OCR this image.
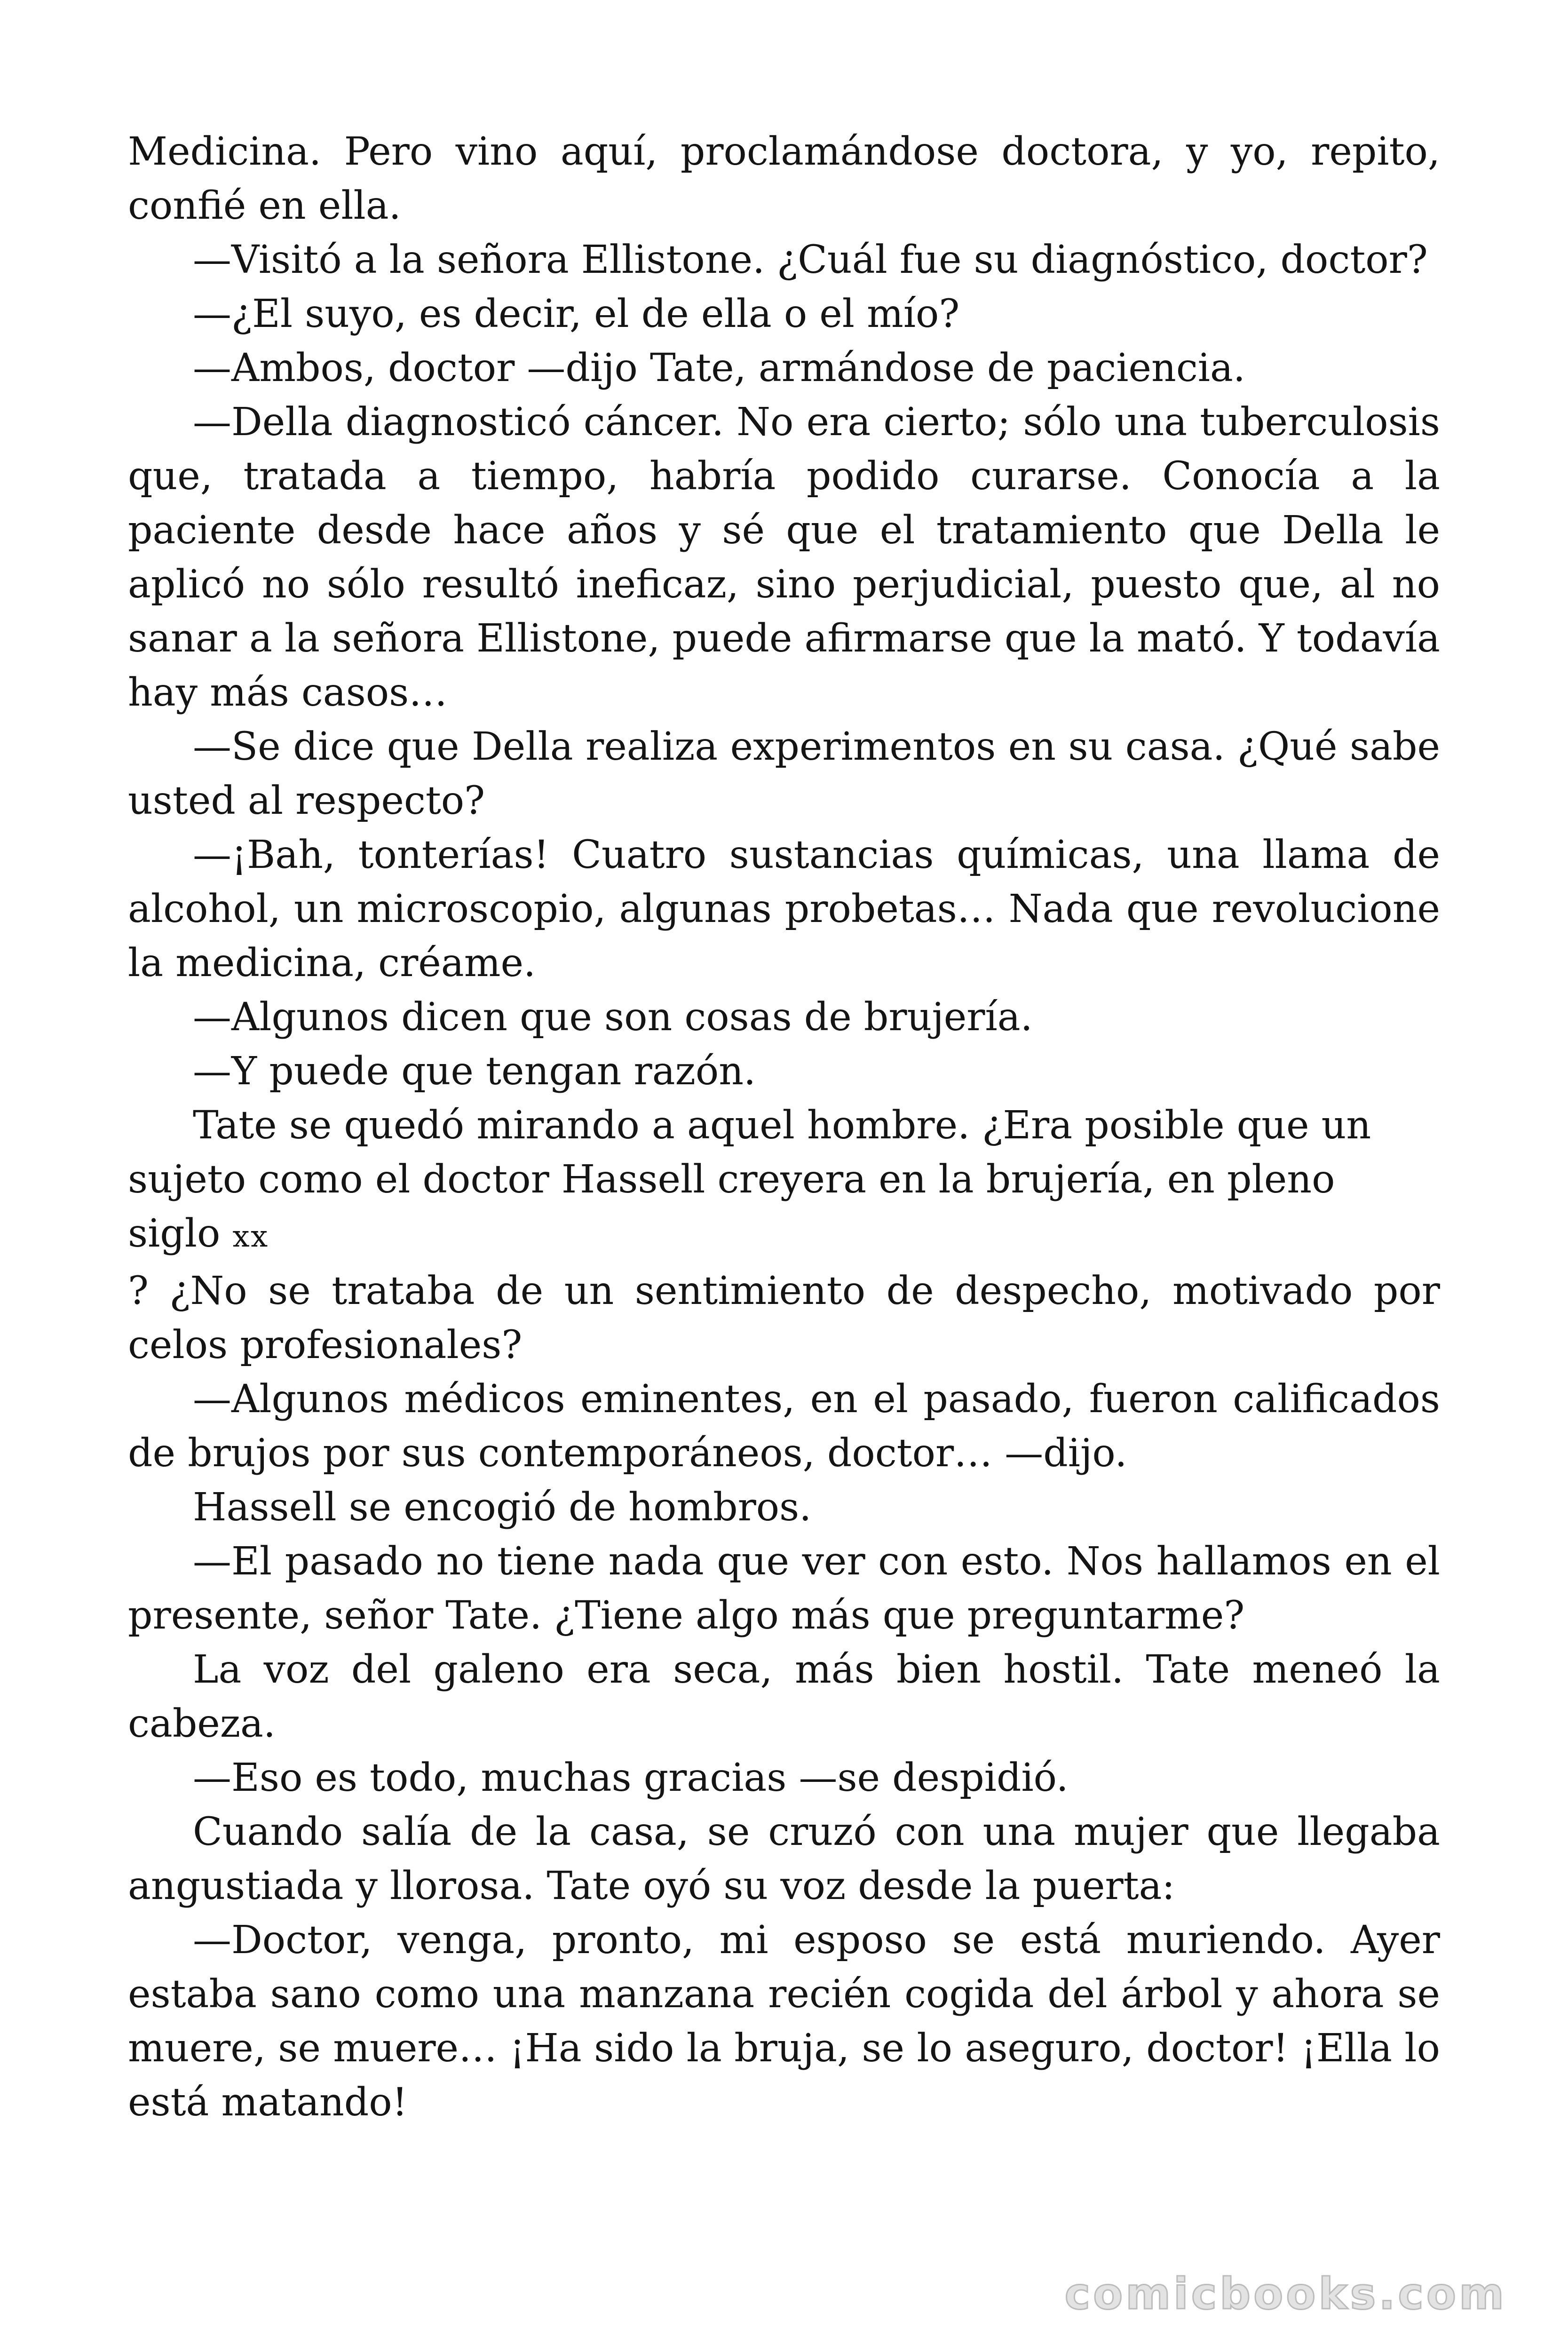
Medicina. Pero vino aquí, proclamándose doctora, y yo, repito, confié en ella.

—Visitó a la señora Ellistone. ¿Cuál fue su diagnóstico, doctor?

—¿El suyo, es decir, el de ella o el mío?

—Ambos, doctor —dijo Tate, armándose de paciencia.

—Della diagnosticó cáncer. No era cierto; sólo una tuberculosis que, tratada a tiempo, habría podido curarse. Conocía a la paciente desde hace años y sé que el tratamiento que Della le aplicó no sólo resultó ineficaz, sino perjudicial, puesto que, al no sanar a la señora Ellistone, puede afirmarse que la mató. Y todavía hay más casos…

—Se dice que Della realiza experimentos en su casa. ¿Qué sabe usted al respecto?

—¡Bah, tonterías! Cuatro sustancias químicas, una llama de alcohol, un microscopio, algunas probetas… Nada que revolucione la medicina, créame.

—Algunos dicen que son cosas de brujería.

—Y puede que tengan razón.

Tate se quedó mirando a aquel hombre. ¿Era posible que un sujeto como el doctor Hassell creyera en la brujería, en pleno

siglo xx

? ¿No se trataba de un sentimiento de despecho, motivado por celos profesionales?

—Algunos médicos eminentes, en el pasado, fueron calificados de brujos por sus contemporáneos, doctor… —dijo.

Hassell se encogió de hombros.

—El pasado no tiene nada que ver con esto. Nos hallamos en el presente, señor Tate. ¿Tiene algo más que preguntarme?

La voz del galeno era seca, más bien hostil. Tate meneó la cabeza.

—Eso es todo, muchas gracias —se despidió.

Cuando salía de la casa, se cruzó con una mujer que llegaba angustiada y llorosa. Tate oyó su voz desde la puerta:

—Doctor, venga, pronto, mi esposo se está muriendo. Ayer estaba sano como una manzana recién cogida del árbol y ahora se muere, se muere… ¡Ha sido la bruja, se lo aseguro, doctor! ¡Ella lo está matando!

comicbooks.com
